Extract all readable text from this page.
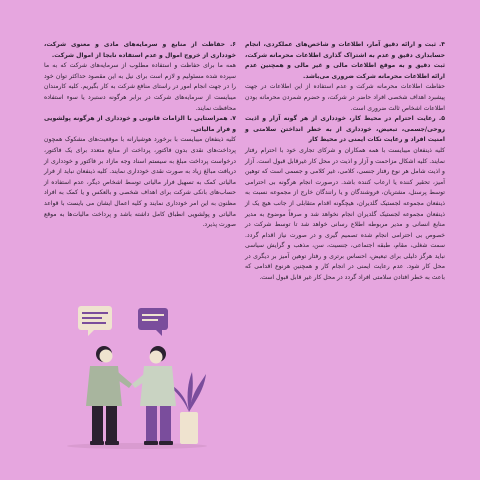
۴. ثبت و ارائه دقیق آمار، اطلاعات و شاخص‌های عملکردی، انجام حسابداری دقیق و عدم به اشتراک گذاری اطلاعات محرمانه شرکت، ثبت دقیق و به موقع اطلاعات مالی و غیر مالی و همچنین عدم ارائه اطلاعات محرمانه شرکت ضروری می‌باشد.

حفاظت اطلاعات محرمانه شرکت و عدم استفاده از این اطلاعات در جهت پیشبرد اهداف شخصی افراد حاضر در شرکت، و حضرم شمردن محرمانه بودن اطلاعات اشخاص ثالث ضروری است.

۵. رعایت احترام در محیط کار، خودداری از هر گونه آزار و اذیت روحی/جسمی، تبعیض، خودداری از به خطر انداختن سلامتی و امنیت افراد و رعایت نکات ایمنی در محیط کار

کلیه ذینفعان میبایست با همه همکاران و شرکای تجاری خود با احترام رفتار نمایند. کلیه اشکال مزاحمت و آزار و اذیت در محل کار غیرقابل قبول است. آزار و اذیت شامل هر نوع رفتار جنسی، کلامی، غیر کلامی و جسمی است که توهین آمیز، تحقیر کننده یا ارعاب کننده باشد. درصورت انجام هرگونه بی احترامی توسط پرسنل، مشتریان، فروشندگان و یا رانندگان خارج از مجموعه نسبت به ذینفعان مجموعه لجستیک گلدیران، هیچگونه اقدام متقابلی از جانب هیچ یک از ذینفعان مجموعه لجستیک گلدیران انجام نخواهد شد و صرفاً موضوع به مدیر منابع انسانی و مدیر مربوطه اطلاع رسانی خواهد شد تا توسط شرکت در خصوص بی احترامی انجام شده تصمیم گیری و در صورت نیاز اقدام گردد. سمت شغلی، مقام، طبقه اجتماعی، جنسیت، سن، مذهب و گرایش سیاسی نباید هرگز دلیلی برای تبعیض، احساس برتری و رفتار توهین آمیز بر دیگری در محل کار شود. عدم رعایت ایمنی در انجام کار و همچنین هرنوع اقدامی که باعث به خطر افتادن سلامتی افراد گردد در محل کار غیر قابل قبول است.

۶. حفاظت از منابع و سرمایه‌های مادی و معنوی شرکت، خودداری از خروج اموال و عدم استفاده نابجا از اموال شرکت.

همه ما برای حفاظت و استفاده مطلوب از سرمایه‌های شرکت که به ما سپرده شده مسئولیم و لازم است برای نیل به این مقصود حداکثر توان خود را در جهت انجام امور در راستای منافع شرکت به کار بگیریم. کلیه کارمندان میبایست از سرمایه‌های شرکت در برابر هرگونه دستبرد یا سوء استفاده محافظت نمایند.

۷. همراستایی با الزامات قانونی و خودداری از هرگونه پولشویی و فرار مالیاتی.

کلیه ذینفعان میبایست با برخورد هوشیارانه با موقعیت‌های مشکوک همچون پرداخت‌های نقدی بدون فاکتور، پرداخت از منابع متعدد برای یک فاکتور، درخواست پرداخت مبلغ به سیستم اسناد وجه مازاد بر فاکتور و خودداری از دریافت مبالغ زیاد به صورت نقدی خودداری نمایند. کلیه ذینفعان نباید از فرار مالیاتی کمک به تسهیل فرار مالیاتی توسط اشخاص دیگر، عدم استفاده از حساب‌های بانکی شرکت برای اهداف شخصی و بالعکس و یا کمک به افراد مظنون به این امر خودداری نمایند و کلیه اعمال ایشان می بایست با قواعد مالیاتی و پولشویی انطباق کامل داشته باشد و پرداخت مالیات‌ها به موقع صورت پذیرد.
